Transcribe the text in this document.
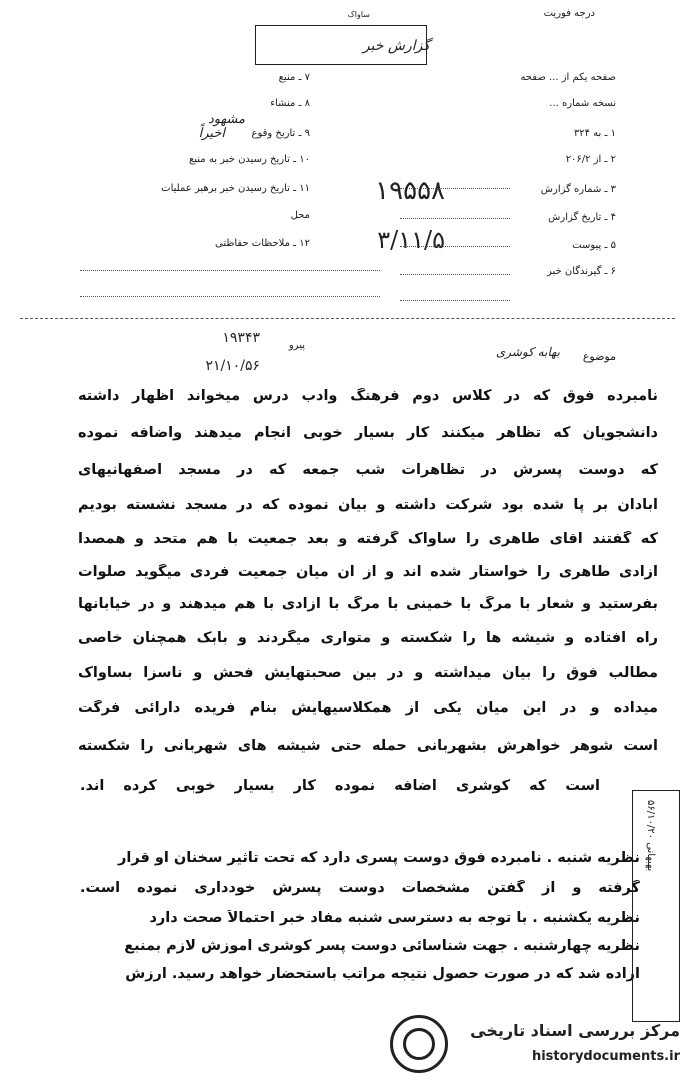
درجه فوریت
گزارش خبر
ساواک
صفحه یکم از ... صفحه
نسخه شماره ...
۱ ـ به ۳۲۴
۲ ـ از ۲۰۶/۲
۳ ـ شماره گزارش
۴ ـ تاریخ گزارش
۵ ـ پیوست
۶ ـ گیرندگان خبر
۷ ـ منبع
۸ ـ منشاء
۹ ـ تاریخ وقوع
۱۰ ـ تاریخ رسیدن خبر به منبع
۱۱ ـ تاریخ رسیدن خبر برهبر عملیات
محل
۱۲ ـ ملاحظات حفاظتی
مشهود
اخیراً
۱۹۵۵۸
۳/۱۱/۵
موضوع
بهابه کوشری
۱۹۳۴۳
۲۱/۱۰/۵۶
پیرو
نامبرده فوق که در کلاس دوم فرهنگ وادب درس میخواند اظهار داشته
دانشجویان که تظاهر میکنند کار بسیار خوبی انجام میدهند واضافه نموده
که دوست پسرش در تظاهرات شب جمعه که در مسجد اصفهانیهای
آبادان بر پا شده بود شرکت داشته و بیان نموده که در مسجد نشسته بودیم
که گفتند آقای طاهری را ساواک گرفته و بعد جمعیت با هم متحد و همصدا
آزادی طاهری را خواستار شده اند و از آن میان جمعیت فردی میگوید صلوات
بفرستید و شعار با مرگ با خمینی با مرگ با آزادی با هم میدهند و در خیابانها
راه افتاده و شیشه ها را شکسته و متواری میگردند و بابک همچنان خاصی
مطالب فوق را بیان میداشته و در بین صحبتهایش فحش و ناسزا بساواک
میداده و در این میان یکی از همکلاسیهایش بنام فریده دارائی فرگت
است شوهر خواهرش بشهربانی حمله حتی شیشه های شهربانی را شکسته
است که کوشری اضافه نموده کار بسیار خوبی کرده اند.
نظریه شنبه . نامبرده فوق دوست پسری دارد که تحت تاثیر سخنان او قرار
گرفته و از گفتن مشخصات دوست پسرش خودداری نموده است.
نظریه یکشنبه . با توجه به دسترسی شنبه مفاد خبر احتمالاً صحت دارد
نظریه چهارشنبه . جهت شناسائی دوست پسر کوشری آموزش لازم بمنبع
اراده شد که در صورت حصول نتیجه مراتب باستحضار خواهد رسید. ارزش
بهبهانی ۵۶/۱۰/۲۰
مرکز بررسی اسناد تاریخی
historydocuments.ir
